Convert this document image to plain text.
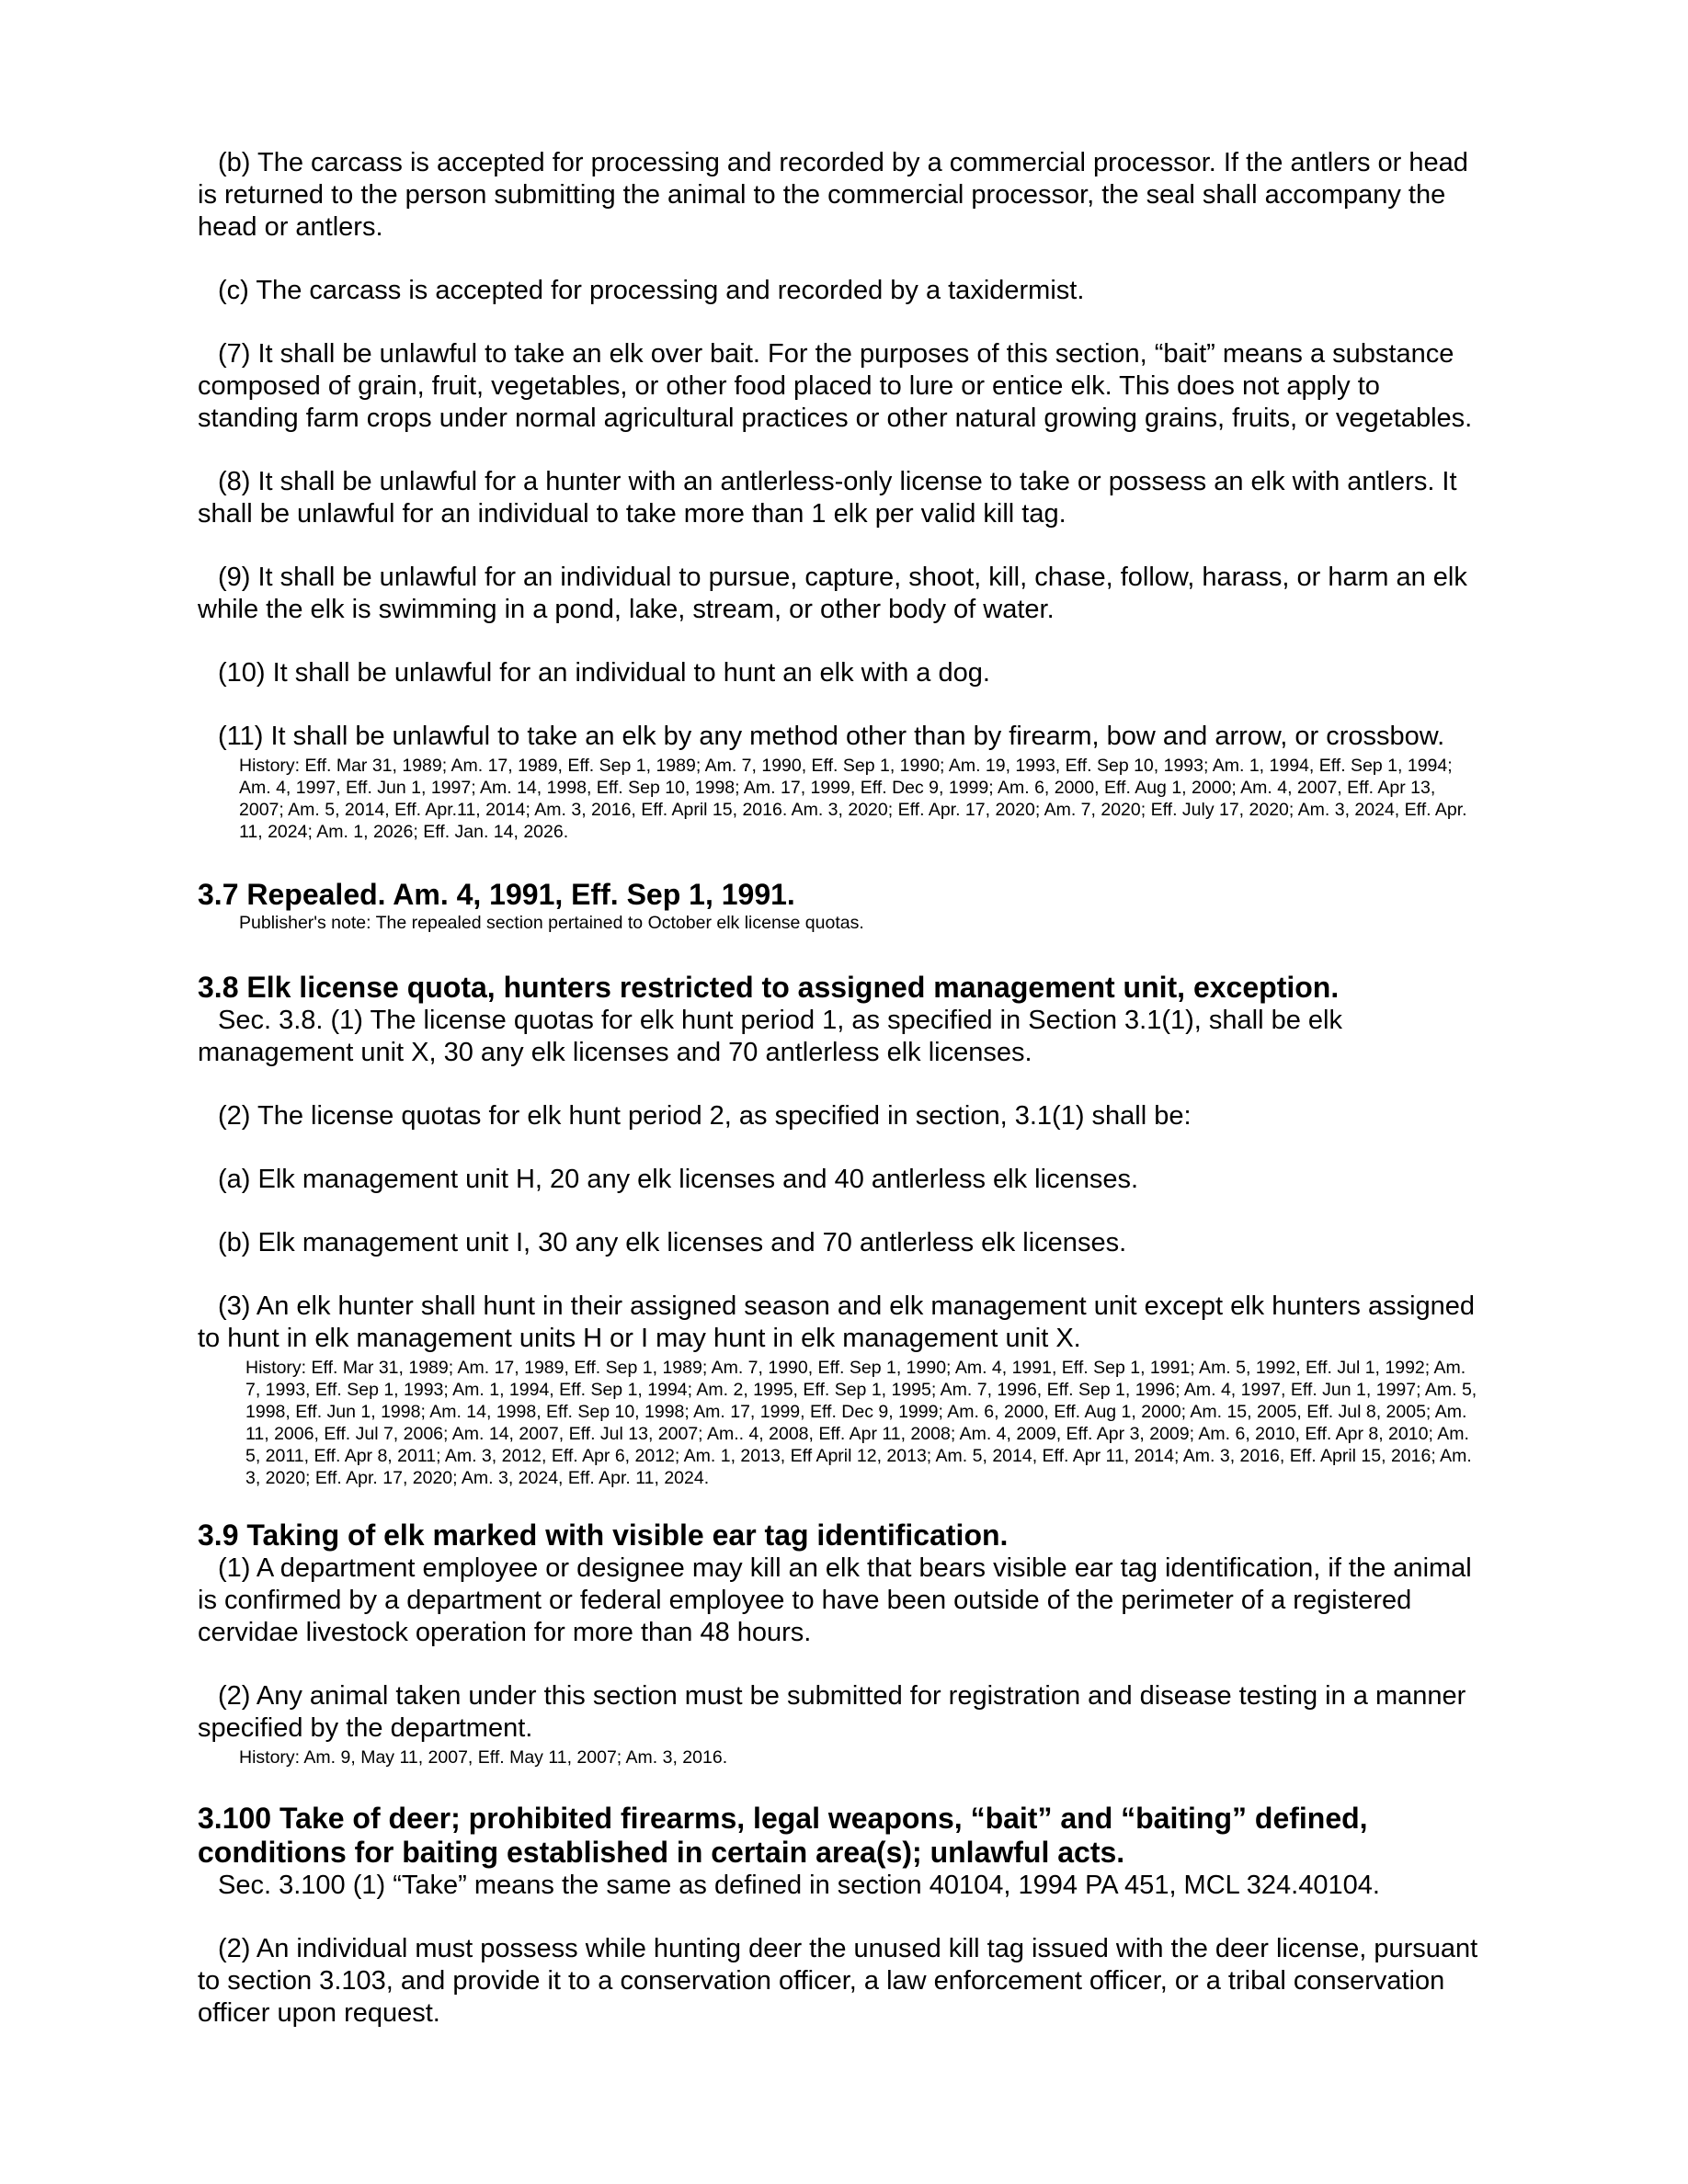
(b) The carcass is accepted for processing and recorded by a commercial processor. If the antlers or head is returned to the person submitting the animal to the commercial processor, the seal shall accompany the head or antlers.

(c) The carcass is accepted for processing and recorded by a taxidermist.

(7) It shall be unlawful to take an elk over bait. For the purposes of this section, “bait” means a substance composed of grain, fruit, vegetables, or other food placed to lure or entice elk. This does not apply to standing farm crops under normal agricultural practices or other natural growing grains, fruits, or vegetables.

(8) It shall be unlawful for a hunter with an antlerless-only license to take or possess an elk with antlers. It shall be unlawful for an individual to take more than 1 elk per valid kill tag.

(9) It shall be unlawful for an individual to pursue, capture, shoot, kill, chase, follow, harass, or harm an elk while the elk is swimming in a pond, lake, stream, or other body of water.

(10) It shall be unlawful for an individual to hunt an elk with a dog.

(11) It shall be unlawful to take an elk by any method other than by firearm, bow and arrow, or crossbow.

History: Eff. Mar 31, 1989; Am. 17, 1989, Eff. Sep 1, 1989; Am. 7, 1990, Eff. Sep 1, 1990; Am. 19, 1993, Eff. Sep 10, 1993; Am. 1, 1994, Eff. Sep 1, 1994; Am. 4, 1997, Eff. Jun 1, 1997; Am. 14, 1998, Eff. Sep 10, 1998; Am. 17, 1999, Eff. Dec 9, 1999; Am. 6, 2000, Eff. Aug 1, 2000; Am. 4, 2007, Eff. Apr 13, 2007; Am. 5, 2014, Eff. Apr.11, 2014; Am. 3, 2016, Eff. April 15, 2016. Am. 3, 2020; Eff. Apr. 17, 2020; Am. 7, 2020; Eff. July 17, 2020; Am. 3, 2024, Eff. Apr. 11, 2024; Am. 1, 2026; Eff. Jan. 14, 2026.

3.7 Repealed. Am. 4, 1991, Eff. Sep 1, 1991.

Publisher's note: The repealed section pertained to October elk license quotas.

3.8 Elk license quota, hunters restricted to assigned management unit, exception.

Sec. 3.8. (1) The license quotas for elk hunt period 1, as specified in Section 3.1(1), shall be elk management unit X, 30 any elk licenses and 70 antlerless elk licenses.

(2) The license quotas for elk hunt period 2, as specified in section, 3.1(1) shall be:

(a) Elk management unit H, 20 any elk licenses and 40 antlerless elk licenses.

(b) Elk management unit I, 30 any elk licenses and 70 antlerless elk licenses.

(3) An elk hunter shall hunt in their assigned season and elk management unit except elk hunters assigned to hunt in elk management units H or I may hunt in elk management unit X.

History: Eff. Mar 31, 1989; Am. 17, 1989, Eff. Sep 1, 1989; Am. 7, 1990, Eff. Sep 1, 1990; Am. 4, 1991, Eff. Sep 1, 1991; Am. 5, 1992, Eff. Jul 1, 1992; Am. 7, 1993, Eff. Sep 1, 1993; Am. 1, 1994, Eff. Sep 1, 1994; Am. 2, 1995, Eff. Sep 1, 1995; Am. 7, 1996, Eff. Sep 1, 1996; Am. 4, 1997, Eff. Jun 1, 1997; Am. 5, 1998, Eff. Jun 1, 1998; Am. 14, 1998, Eff. Sep 10, 1998; Am. 17, 1999, Eff. Dec 9, 1999; Am. 6, 2000, Eff. Aug 1, 2000; Am. 15, 2005, Eff. Jul 8, 2005; Am. 11, 2006, Eff. Jul 7, 2006; Am. 14, 2007, Eff. Jul 13, 2007; Am.. 4, 2008, Eff. Apr 11, 2008; Am. 4, 2009, Eff. Apr 3, 2009; Am. 6, 2010, Eff. Apr 8, 2010; Am. 5, 2011, Eff. Apr 8, 2011; Am. 3, 2012, Eff. Apr 6, 2012; Am. 1, 2013, Eff April 12, 2013; Am. 5, 2014, Eff. Apr 11, 2014; Am. 3, 2016, Eff. April 15, 2016; Am. 3, 2020; Eff. Apr. 17, 2020; Am. 3, 2024, Eff. Apr. 11, 2024.

3.9 Taking of elk marked with visible ear tag identification.

(1) A department employee or designee may kill an elk that bears visible ear tag identification, if the animal is confirmed by a department or federal employee to have been outside of the perimeter of a registered cervidae livestock operation for more than 48 hours.

(2) Any animal taken under this section must be submitted for registration and disease testing in a manner specified by the department.

History: Am. 9, May 11, 2007, Eff. May 11, 2007; Am. 3, 2016.

3.100 Take of deer; prohibited firearms, legal weapons, “bait” and “baiting” defined, conditions for baiting established in certain area(s); unlawful acts.

Sec. 3.100 (1) “Take” means the same as defined in section 40104, 1994 PA 451, MCL 324.40104.

(2) An individual must possess while hunting deer the unused kill tag issued with the deer license, pursuant to section 3.103, and provide it to a conservation officer, a law enforcement officer, or a tribal conservation officer upon request.
